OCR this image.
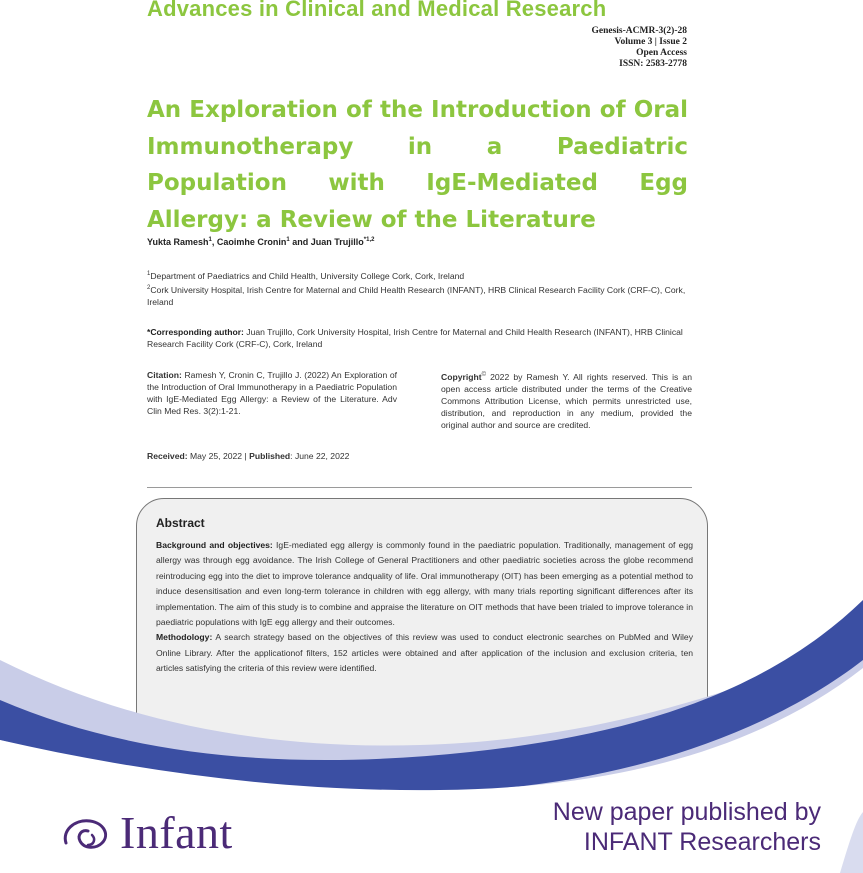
Advances in Clinical and Medical Research
Genesis-ACMR-3(2)-28
Volume 3 | Issue 2
Open Access
ISSN: 2583-2778
An Exploration of the Introduction of Oral Immunotherapy in a Paediatric Population with IgE-Mediated Egg Allergy: a Review of the Literature
Yukta Ramesh$^1$, Caoimhe Cronin$^1$ and Juan Trujillo$^{*1,2}$
$^1$Department of Paediatrics and Child Health, University College Cork, Cork, Ireland
$^2$Cork University Hospital, Irish Centre for Maternal and Child Health Research (INFANT), HRB Clinical Research Facility Cork (CRF-C), Cork, Ireland
*Corresponding author: Juan Trujillo, Cork University Hospital, Irish Centre for Maternal and Child Health Research (INFANT), HRB Clinical Research Facility Cork (CRF-C), Cork, Ireland
Citation: Ramesh Y, Cronin C, Trujillo J. (2022) An Exploration of the Introduction of Oral Immunotherapy in a Paediatric Population with IgE-Mediated Egg Allergy: a Review of the Literature. Adv Clin Med Res. 3(2):1-21.
Copyright© 2022 by Ramesh Y. All rights reserved. This is an open access article distributed under the terms of the Creative Commons Attribution License, which permits unrestricted use, distribution, and reproduction in any medium, provided the original author and source are credited.
Received: May 25, 2022 | Published: June 22, 2022
Abstract
Background and objectives: IgE-mediated egg allergy is commonly found in the paediatric population. Traditionally, management of egg allergy was through egg avoidance. The Irish College of General Practitioners and other paediatric societies across the globe recommend reintroducing egg into the diet to improve tolerance andquality of life. Oral immunotherapy (OIT) has been emerging as a potential method to induce desensitisation and even long-term tolerance in children with egg allergy, with many trials reporting significant differences after its implementation. The aim of this study is to combine and appraise the literature on OIT methods that have been trialed to improve tolerance in paediatric populations with IgE egg allergy and their outcomes.
Methodology: A search strategy based on the objectives of this review was used to conduct electronic searches on PubMed and Wiley Online Library. After the applicationof filters, 152 articles were obtained and after application of the inclusion and exclusion criteria, ten articles satisfying the criteria of this review were identified.
Infant	New paper published by
INFANT Researchers
